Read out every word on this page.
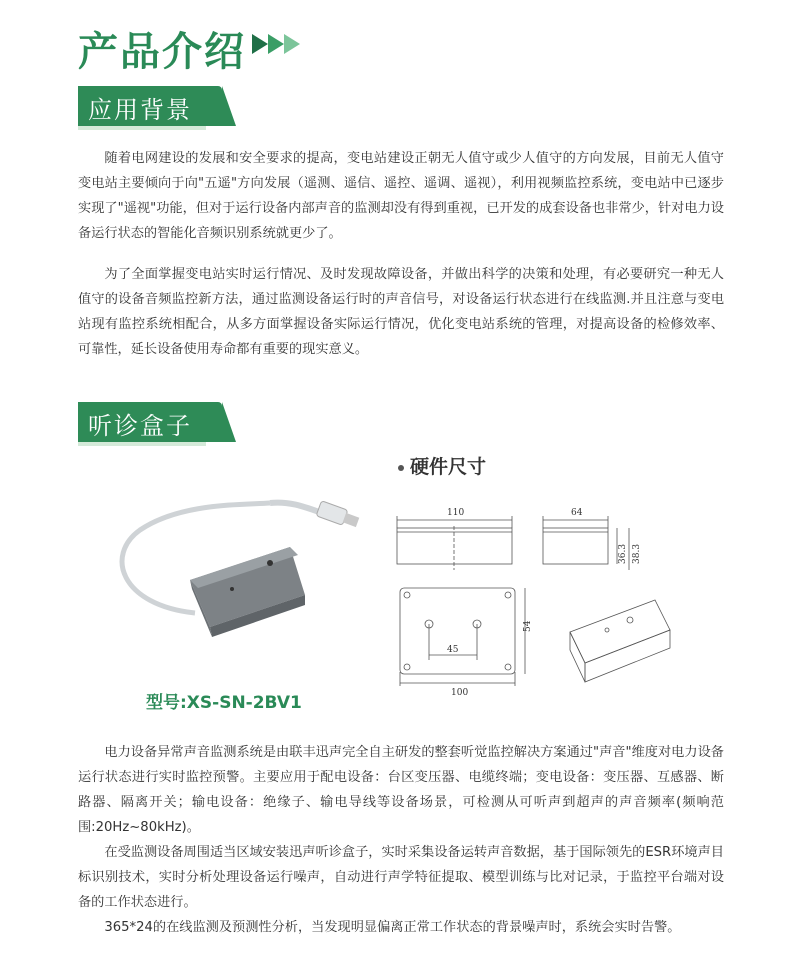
产品介绍
应用背景

随着电网建设的发展和安全要求的提高，变电站建设正朝无人值守或少人值守的方向发展，目前无人值守变电站主要倾向于向"五遥"方向发展（遥测、遥信、遥控、遥调、遥视），利用视频监控系统，变电站中已逐步实现了"遥视"功能，但对于运行设备内部声音的监测却没有得到重视，已开发的成套设备也非常少，针对电力设备运行状态的智能化音频识别系统就更少了。

为了全面掌握变电站实时运行情况、及时发现故障设备，并做出科学的决策和处理，有必要研究一种无人值守的设备音频监控新方法，通过监测设备运行时的声音信号，对设备运行状态进行在线监测.并且注意与变电站现有监控系统相配合，从多方面掌握设备实际运行情况，优化变电站系统的管理，对提高设备的检修效率、可靠性，延长设备使用寿命都有重要的现实意义。

听诊盒子
型号:XS-SN-2BV1
硬件尺寸
110	64
36.3 38.3
54
45
100

电力设备异常声音监测系统是由联丰迅声完全自主研发的整套听觉监控解决方案通过"声音"维度对电力设备运行状态进行实时监控预警。主要应用于配电设备：台区变压器、电缆终端；变电设备：变压器、互感器、断路器、隔离开关；输电设备：绝缘子、输电导线等设备场景，可检测从可听声到超声的声音频率(频响范围:20Hz~80kHz)。

在受监测设备周围适当区域安装迅声听诊盒子，实时采集设备运转声音数据，基于国际领先的ESR环境声目标识别技术，实时分析处理设备运行噪声，自动进行声学特征提取、模型训练与比对记录，于监控平台端对设备的工作状态进行。

365*24的在线监测及预测性分析，当发现明显偏离正常工作状态的背景噪声时，系统会实时告警。
